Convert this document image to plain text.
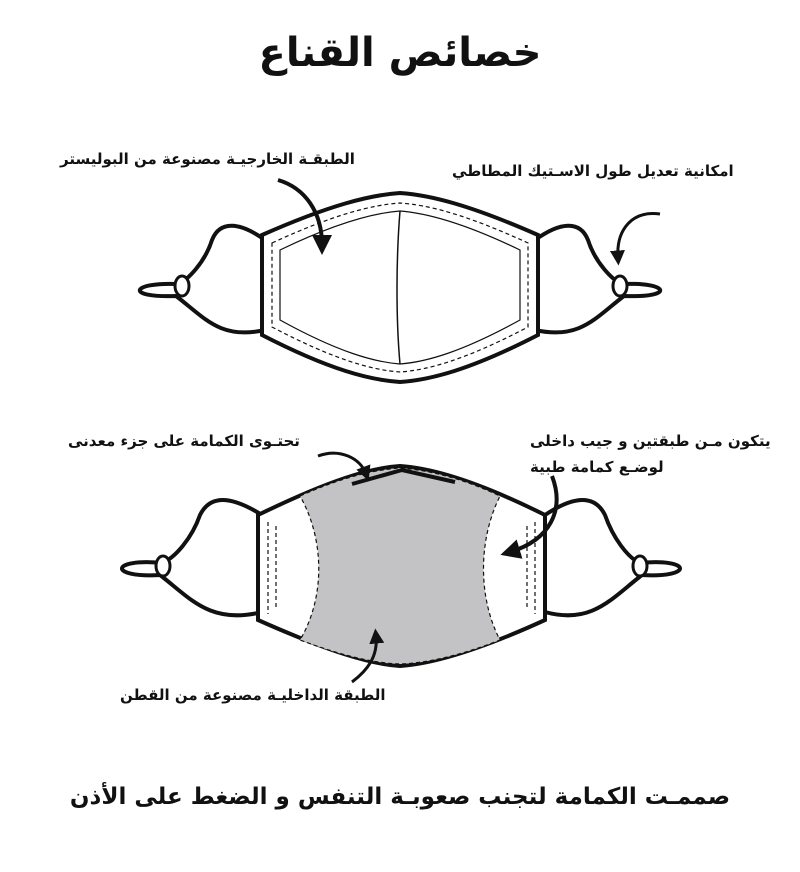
خصائص القناع
الطبقـة الخارجيـة مصنوعة من البوليستر
امكانية تعديل طول الاسـتيك المطاطي
تحتـوى الكمامة على جزء معدنى	يتكون مـن طبقتين و جيب داخلى
لوضـع كمامة طبية
الطبقة الداخليـة مصنوعة من القطن
صممـت الكمامة لتجنب صعوبـة التنفس و الضغط على الأذن
